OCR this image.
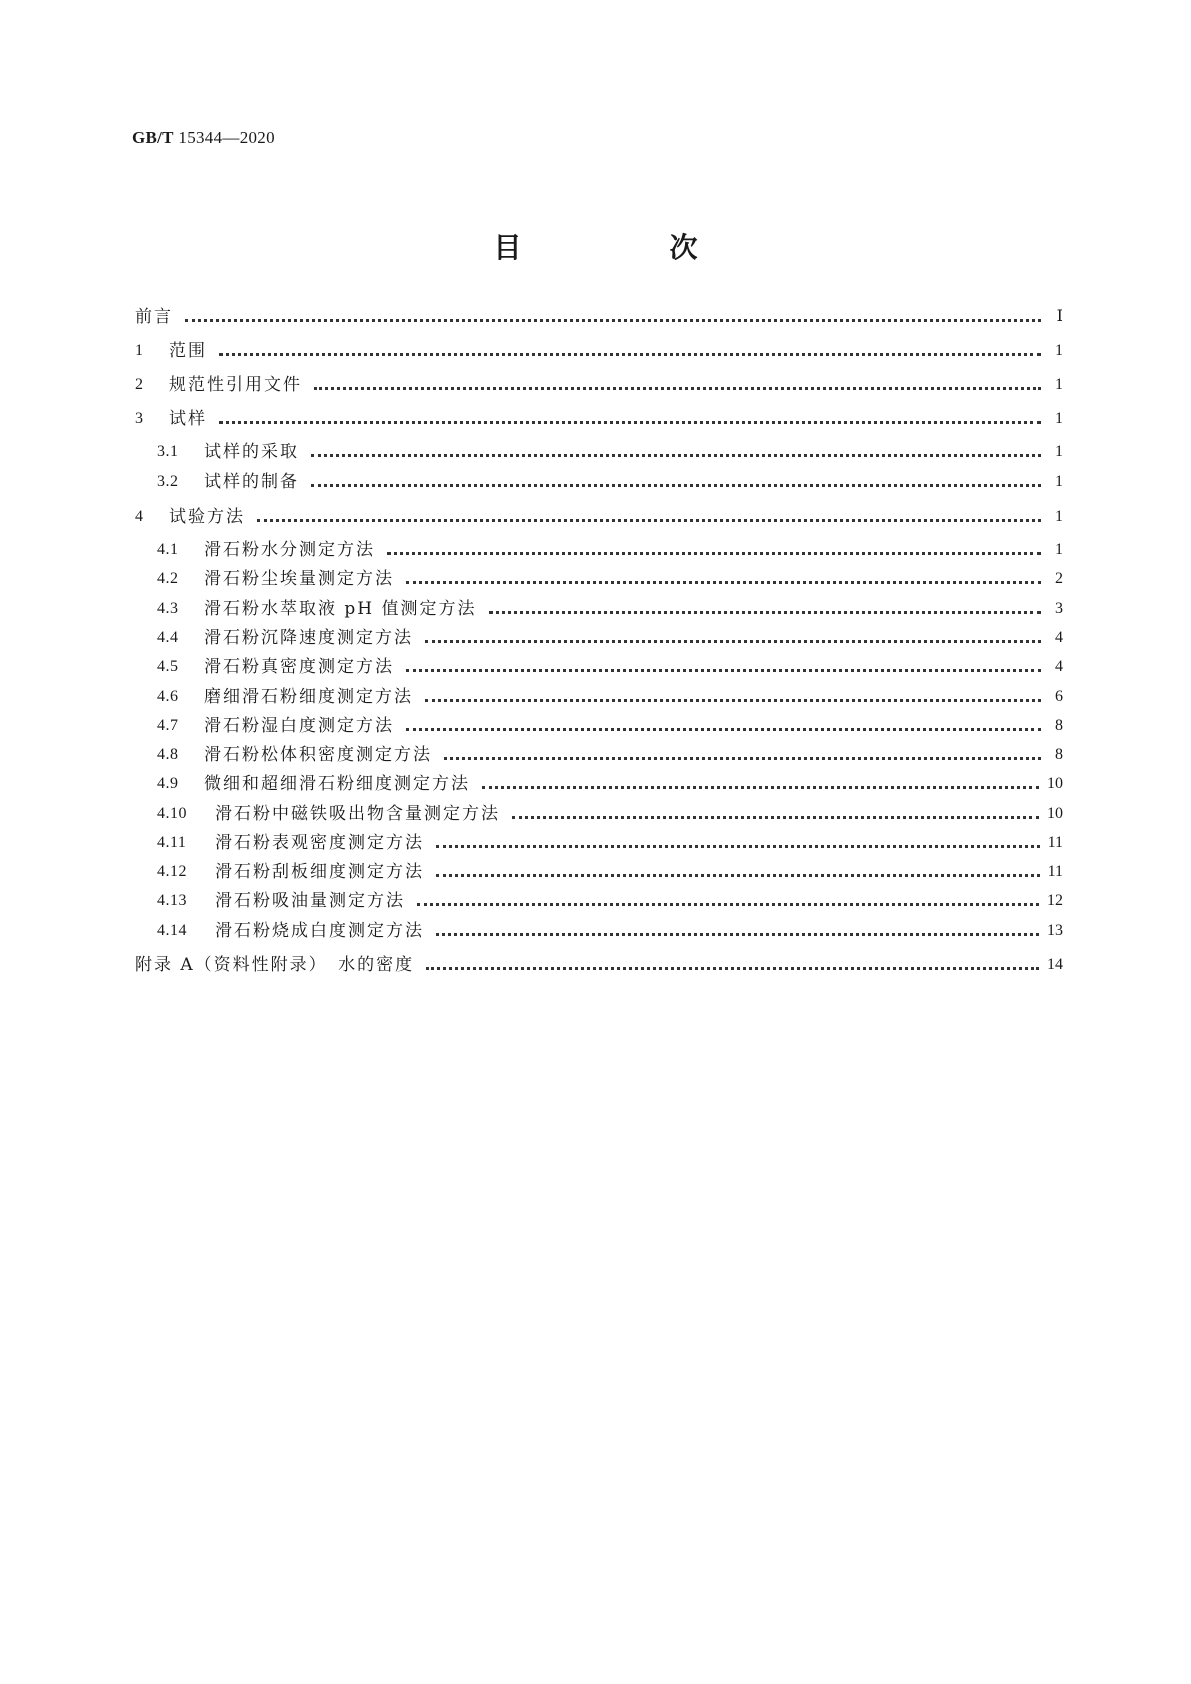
GB/T 15344—2020
目　次
前言	Ⅰ
1	范围	1
2	规范性引用文件	1
3	试样	1
3.1	试样的采取	1
3.2	试样的制备	1
4	试验方法	1
4.1	滑石粉水分测定方法	1
4.2	滑石粉尘埃量测定方法	2
4.3	滑石粉水萃取液 pH 值测定方法	3
4.4	滑石粉沉降速度测定方法	4
4.5	滑石粉真密度测定方法	4
4.6	磨细滑石粉细度测定方法	6
4.7	滑石粉湿白度测定方法	8
4.8	滑石粉松体积密度测定方法	8
4.9	微细和超细滑石粉细度测定方法	10
4.10	滑石粉中磁铁吸出物含量测定方法	10
4.11	滑石粉表观密度测定方法	11
4.12	滑石粉刮板细度测定方法	11
4.13	滑石粉吸油量测定方法	12
4.14	滑石粉烧成白度测定方法	13
附录 A（资料性附录）　水的密度	14
